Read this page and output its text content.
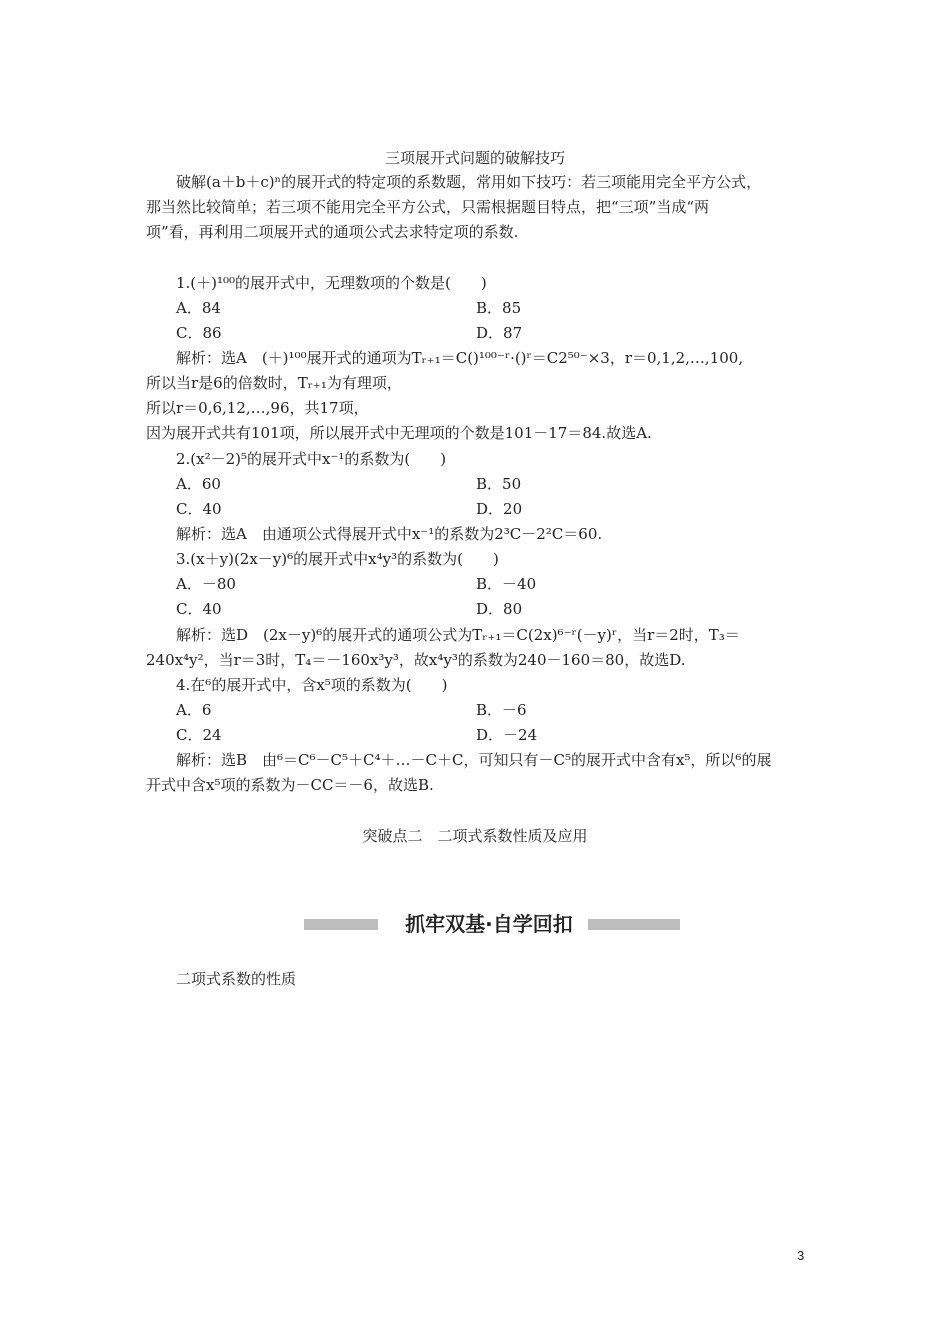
三项展开式问题的破解技巧
破解(a＋b＋c)ⁿ的展开式的特定项的系数题，常用如下技巧：若三项能用完全平方公式，
那当然比较简单；若三项不能用完全平方公式，只需根据题目特点，把“三项”当成“两
项”看，再利用二项展开式的通项公式去求特定项的系数.
1.(＋)¹⁰⁰的展开式中，无理数项的个数是(　　)
A．84	B．85
C．86	D．87
解析：选A　(＋)¹⁰⁰展开式的通项为Tᵣ₊₁＝C()¹⁰⁰⁻ʳ·()ʳ＝C2⁵⁰⁻×3，r＝0,1,2,…,100,
所以当r是6的倍数时，Tᵣ₊₁为有理项，
所以r＝0,6,12,…,96，共17项，
因为展开式共有101项，所以展开式中无理项的个数是101－17＝84.故选A.
2.(x²－2)⁵的展开式中x⁻¹的系数为(　　)
A．60	B．50
C．40	D．20
解析：选A　由通项公式得展开式中x⁻¹的系数为2³C－2²C＝60.
3.(x＋y)(2x－y)⁶的展开式中x⁴y³的系数为(　　)
A．－80	B．－40
C．40	D．80
解析：选D　(2x－y)⁶的展开式的通项公式为Tᵣ₊₁＝C(2x)⁶⁻ʳ(－y)ʳ，当r＝2时，T₃＝
240x⁴y²，当r＝3时，T₄＝－160x³y³，故x⁴y³的系数为240－160＝80，故选D.
4.在⁶的展开式中，含x⁵项的系数为(　　)
A．6	B．－6
C．24	D．－24
解析：选B　由⁶＝C⁶－C⁵＋C⁴＋…－C＋C，可知只有－C⁵的展开式中含有x⁵，所以⁶的展
开式中含x⁵项的系数为－CC＝－6，故选B.
突破点二　二项式系数性质及应用
抓牢双基·自学回扣
二项式系数的性质
3
